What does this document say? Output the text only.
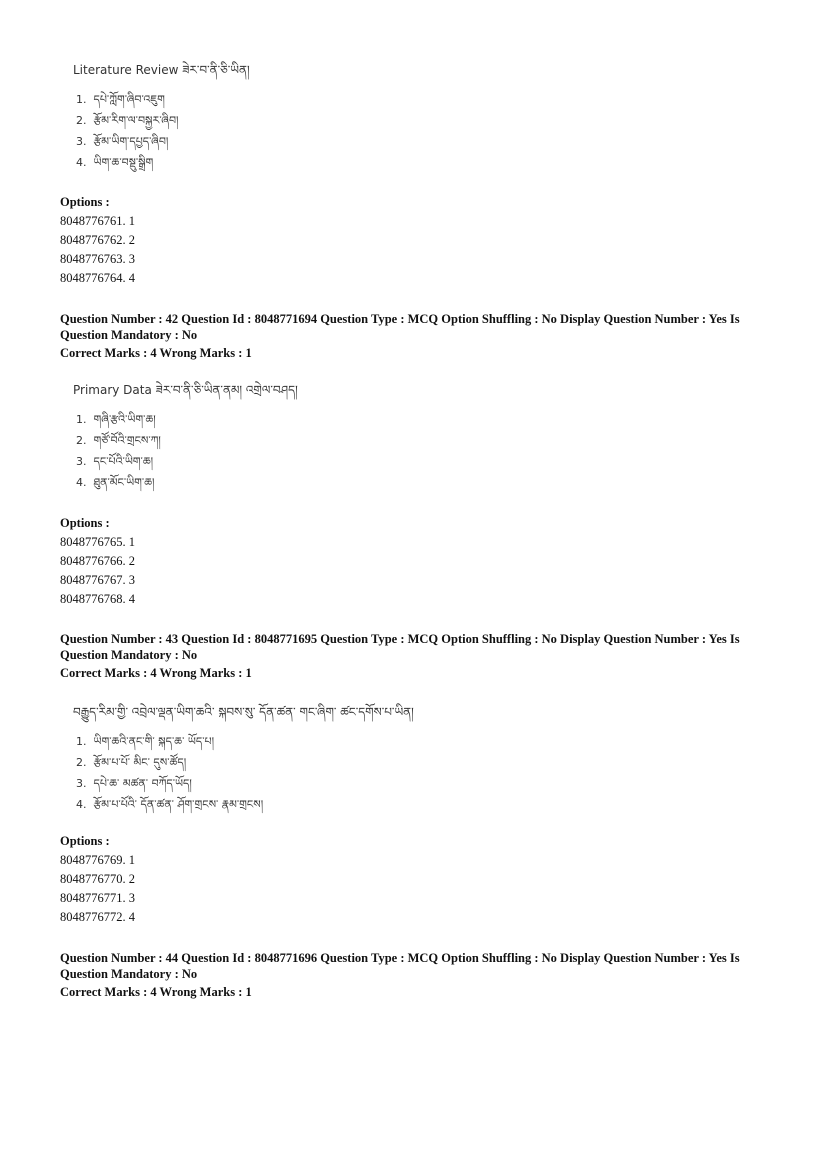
Literature Review ཟེར་བ་ནི་ཅི་ཡིན།
1. དཔེ་ཀློག་ཞིབ་འཇུག
2. རྩོམ་རིག་ལ་བསྐྱར་ཞིབ།
3. རྩོམ་ཡིག་དཔྱད་ཞིབ།
4. ཡིག་ཆ་བསྡུ་སྒྲིག
Options :
8048776761. 1
8048776762. 2
8048776763. 3
8048776764. 4
Question Number : 42 Question Id : 8048771694 Question Type : MCQ Option Shuffling : No Display Question Number : Yes Is Question Mandatory : No
Correct Marks : 4 Wrong Marks : 1
Primary Data ཟེར་བ་ནི་ཅི་ཡིན་ནམ། འགྲེལ་བཤད།
1. གཞི་རྩའི་ཡིག་ཆ།
2. གཙོ་བོའི་གྲངས་ཀ།
3. དང་པོའི་ཡིག་ཆ།
4. ཐུན་མོང་ཡིག་ཆ།
Options :
8048776765. 1
8048776766. 2
8048776767. 3
8048776768. 4
Question Number : 43 Question Id : 8048771695 Question Type : MCQ Option Shuffling : No Display Question Number : Yes Is Question Mandatory : No
Correct Marks : 4 Wrong Marks : 1
བརྒྱུད་རིམ་གྱི་ འབྲེལ་ལྡན་ཡིག་ཆའི་ སྐབས་སུ་ དོན་ཚན་ གང་ཞིག་ ཚང་དགོས་པ་ཡིན།
1. ཡིག་ཆའི་ནང་གི་ སྐད་ཆ་ ཡོད་པ།
2. རྩོམ་པ་པོ་ མིང་ དུས་ཚོད།
3. དཔེ་ཆ་ མཚན་ བཀོད་ཡོད།
4. རྩོམ་པ་པོའི་ དོན་ཚན་ ཤོག་གྲངས་ རྣམ་གྲངས།
Options :
8048776769. 1
8048776770. 2
8048776771. 3
8048776772. 4
Question Number : 44 Question Id : 8048771696 Question Type : MCQ Option Shuffling : No Display Question Number : Yes Is Question Mandatory : No
Correct Marks : 4 Wrong Marks : 1
